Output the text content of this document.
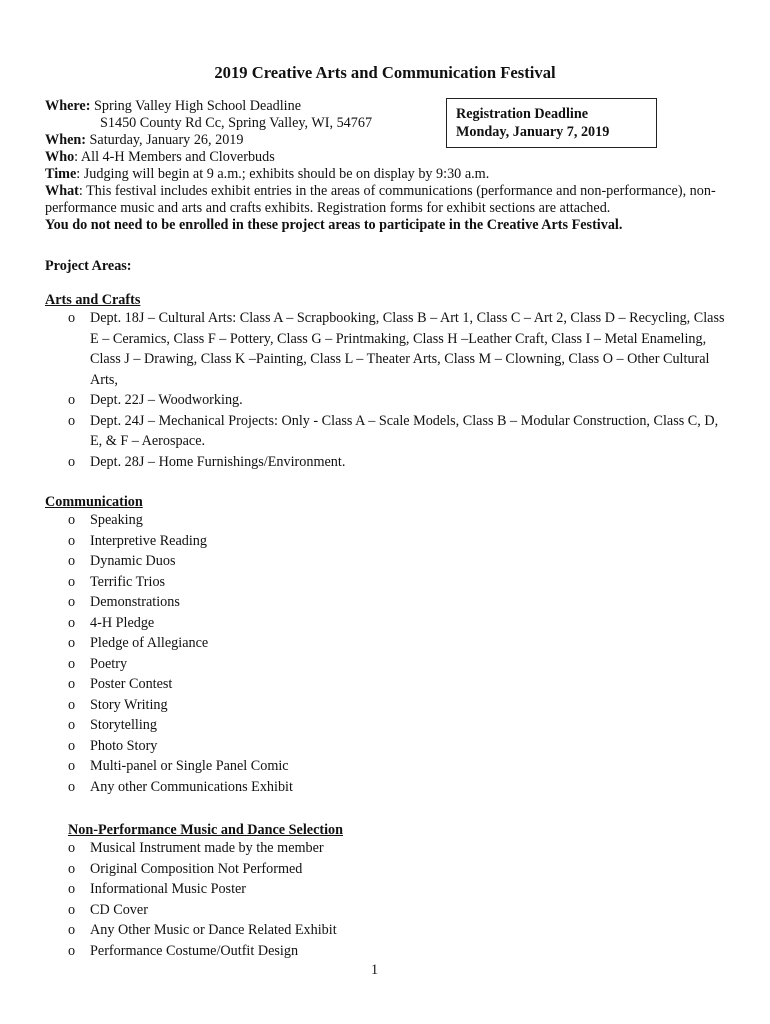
2019 Creative Arts and Communication Festival
Where: Spring Valley High School Deadline
S1450 County Rd Cc, Spring Valley, WI, 54767
When: Saturday, January 26, 2019
Who: All 4-H Members and Cloverbuds
Time: Judging will begin at 9 a.m.; exhibits should be on display by 9:30 a.m.
What: This festival includes exhibit entries in the areas of communications (performance and non-performance), non-performance music and arts and crafts exhibits. Registration forms for exhibit sections are attached.
You do not need to be enrolled in these project areas to participate in the Creative Arts Festival.
Registration Deadline
Monday, January 7, 2019
Project Areas:
Arts and Crafts
o Dept. 18J – Cultural Arts: Class A – Scrapbooking, Class B – Art 1, Class C – Art 2, Class D – Recycling, Class E – Ceramics, Class F – Pottery, Class G – Printmaking, Class H –Leather Craft, Class I – Metal Enameling, Class J – Drawing, Class K –Painting, Class L – Theater Arts, Class M – Clowning, Class O – Other Cultural Arts,
o Dept. 22J – Woodworking.
o Dept. 24J – Mechanical Projects: Only - Class A – Scale Models, Class B – Modular Construction, Class C, D, E, & F – Aerospace.
o Dept. 28J – Home Furnishings/Environment.
Communication
o Speaking
o Interpretive Reading
o Dynamic Duos
o Terrific Trios
o Demonstrations
o 4-H Pledge
o Pledge of Allegiance
o Poetry
o Poster Contest
o Story Writing
o Storytelling
o Photo Story
o Multi-panel or Single Panel Comic
o Any other Communications Exhibit
Non-Performance Music and Dance Selection
o Musical Instrument made by the member
o Original Composition Not Performed
o Informational Music Poster
o CD Cover
o Any Other Music or Dance Related Exhibit
o Performance Costume/Outfit Design
1
